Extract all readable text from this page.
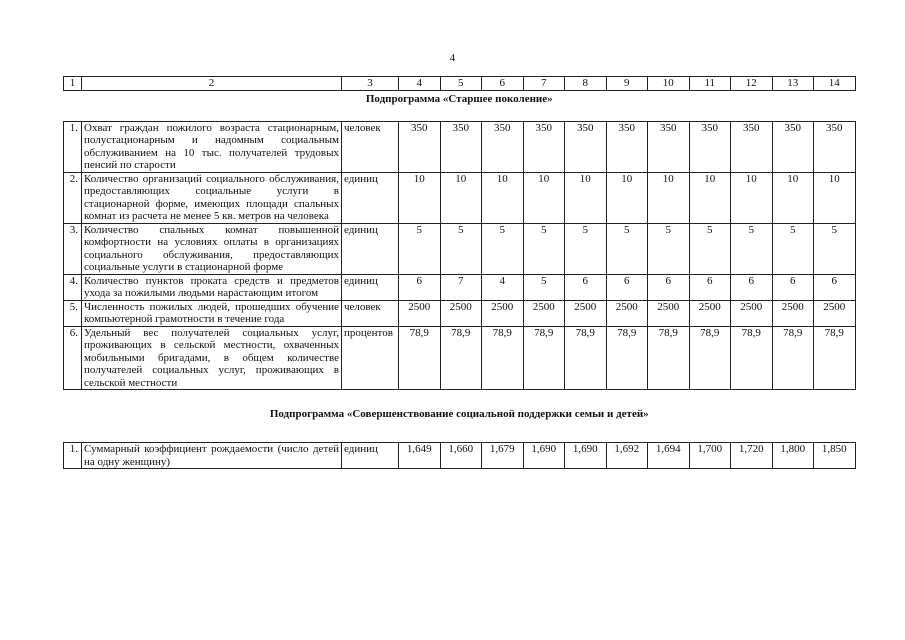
4
1	2	3	4	5	6	7	8	9	10	11	12	13	14
Подпрограмма «Старшее поколение»													

1.	Охват граждан пожилого возраста стационарным, полустационарным и надомным социальным обслуживанием на 10 тыс. получателей трудовых пенсий по старости	человек	350	350	350	350	350	350	350	350	350	350	350
2.	Количество организаций социального обслуживания, предоставляющих социальные услуги в стационарной форме, имеющих площади спальных комнат из расчета не менее 5 кв. метров на человека	единиц	10	10	10	10	10	10	10	10	10	10	10
3.	Количество спальных комнат повышенной комфортности на условиях оплаты в организациях социального обслуживания, предоставляющих социальные услуги в стационарной форме	единиц	5	5	5	5	5	5	5	5	5	5	5
4.	Количество пунктов проката средств и предметов ухода за пожилыми людьми нарастающим итогом	единиц	6	7	4	5	6	6	6	6	6	6	6
5.	Численность пожилых людей, прошедших обучение компьютерной грамотности в течение года	человек	2500	2500	2500	2500	2500	2500	2500	2500	2500	2500	2500
6.	Удельный вес получателей социальных услуг, проживающих в сельской местности, охваченных мобильными бригадами, в общем количестве получателей социальных услуг, проживающих в сельской местности	процентов	78,9	78,9	78,9	78,9	78,9	78,9	78,9	78,9	78,9	78,9	78,9
Подпрограмма «Совершенствование социальной поддержки семьи и детей»													

1.	Суммарный коэффициент рождаемости (число детей на одну женщину)	единиц	1,649	1,660	1,679	1,690	1,690	1,692	1,694	1,700	1,720	1,800	1,850
